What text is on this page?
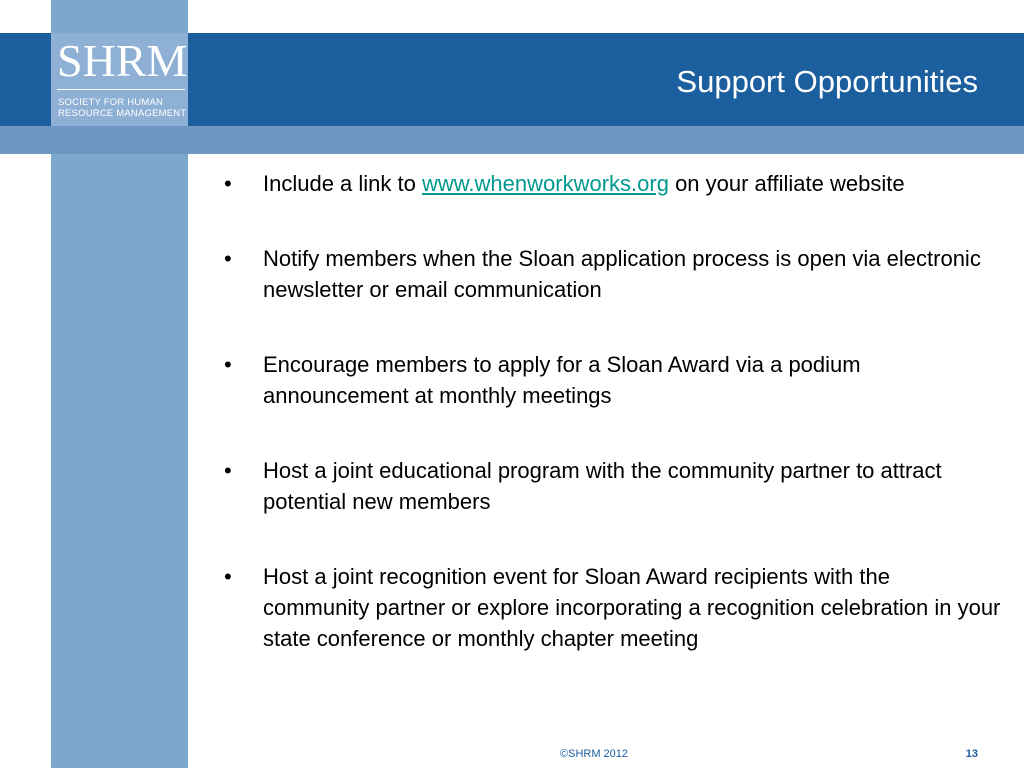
SHRM
SOCIETY FOR HUMAN
RESOURCE MANAGEMENT
®
Support Opportunities
• Include a link to www.whenworkworks.org on your affiliate website
• Notify members when the Sloan application process is open via electronic newsletter or email communication
• Encourage members to apply for a Sloan Award via a podium announcement at monthly meetings
• Host a joint educational program with the community partner to attract potential new members
• Host a joint recognition event for Sloan Award recipients with the community partner or explore incorporating a recognition celebration in your state conference or monthly chapter meeting
©SHRM 2012	13
